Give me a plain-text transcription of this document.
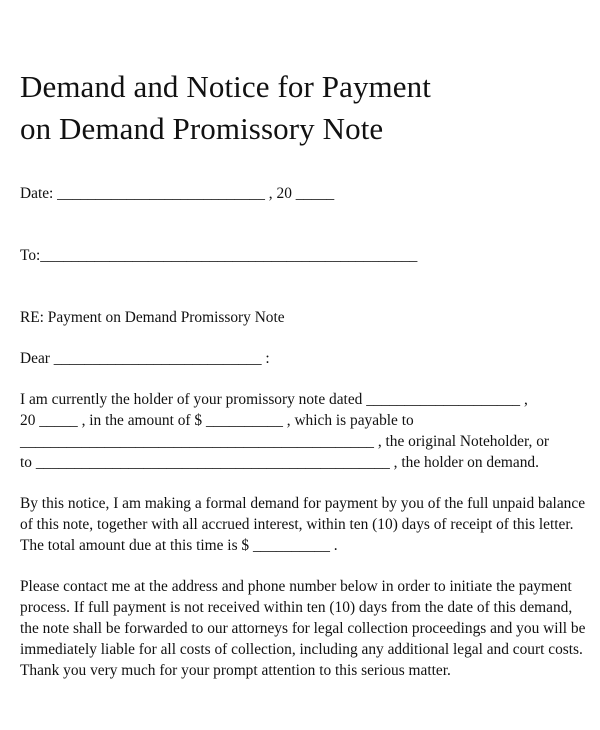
Demand and Notice for Payment
on Demand Promissory Note
Date: ___________________________ , 20 _____
To:_________________________________________________
RE: Payment on Demand Promissory Note
Dear ___________________________ :
I am currently the holder of your promissory note dated ____________________ ,
20 _____ , in the amount of $ __________ , which is payable to
______________________________________________ , the original Noteholder, or
to ______________________________________________ , the holder on demand.
By this notice, I am making a formal demand for payment by you of the full unpaid balance
of this note, together with all accrued interest, within ten (10) days of receipt of this letter.
The total amount due at this time is $ __________ .
Please contact me at the address and phone number below in order to initiate the payment
process. If full payment is not received within ten (10) days from the date of this demand,
the note shall be forwarded to our attorneys for legal collection proceedings and you will be
immediately liable for all costs of collection, including any additional legal and court costs.
Thank you very much for your prompt attention to this serious matter.
